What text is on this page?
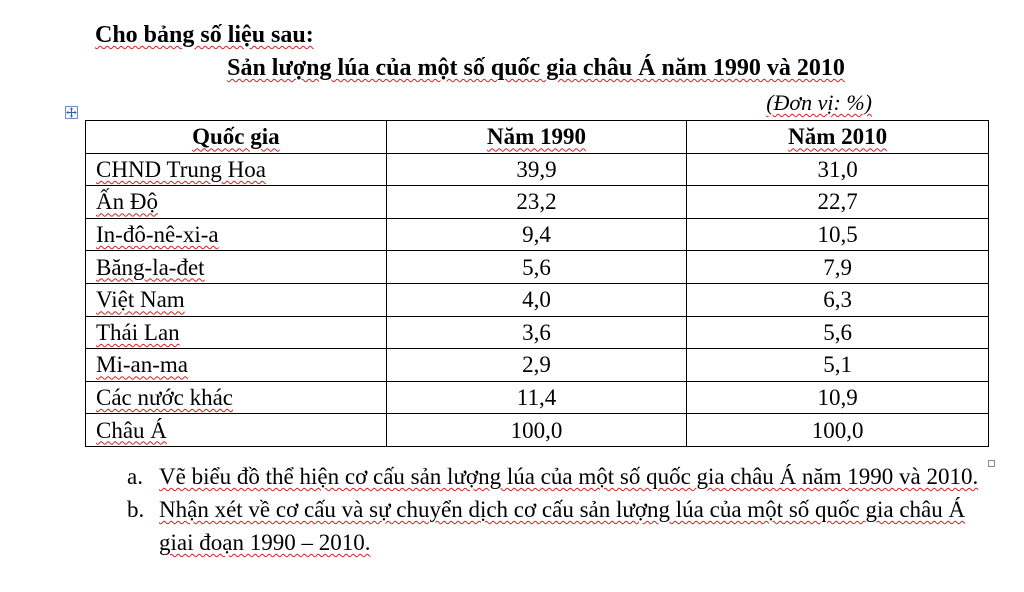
Cho bảng số liệu sau:
Sản lượng lúa của một số quốc gia châu Á năm 1990 và 2010
(Đơn vị: %)
Quốc gia	Năm 1990	Năm 2010
CHND Trung Hoa	39,9	31,0
Ấn Độ	23,2	22,7
In-đô-nê-xi-a	9,4	10,5
Băng-la-đet	5,6	7,9
Việt Nam	4,0	6,3
Thái Lan	3,6	5,6
Mi-an-ma	2,9	5,1
Các nước khác	11,4	10,9
Châu Á	100,0	100,0
a. Vẽ biểu đồ thể hiện cơ cấu sản lượng lúa của một số quốc gia châu Á năm 1990 và 2010.
b. Nhận xét về cơ cấu và sự chuyển dịch cơ cấu sản lượng lúa của một số quốc gia châu Á giai đoạn 1990 – 2010.
